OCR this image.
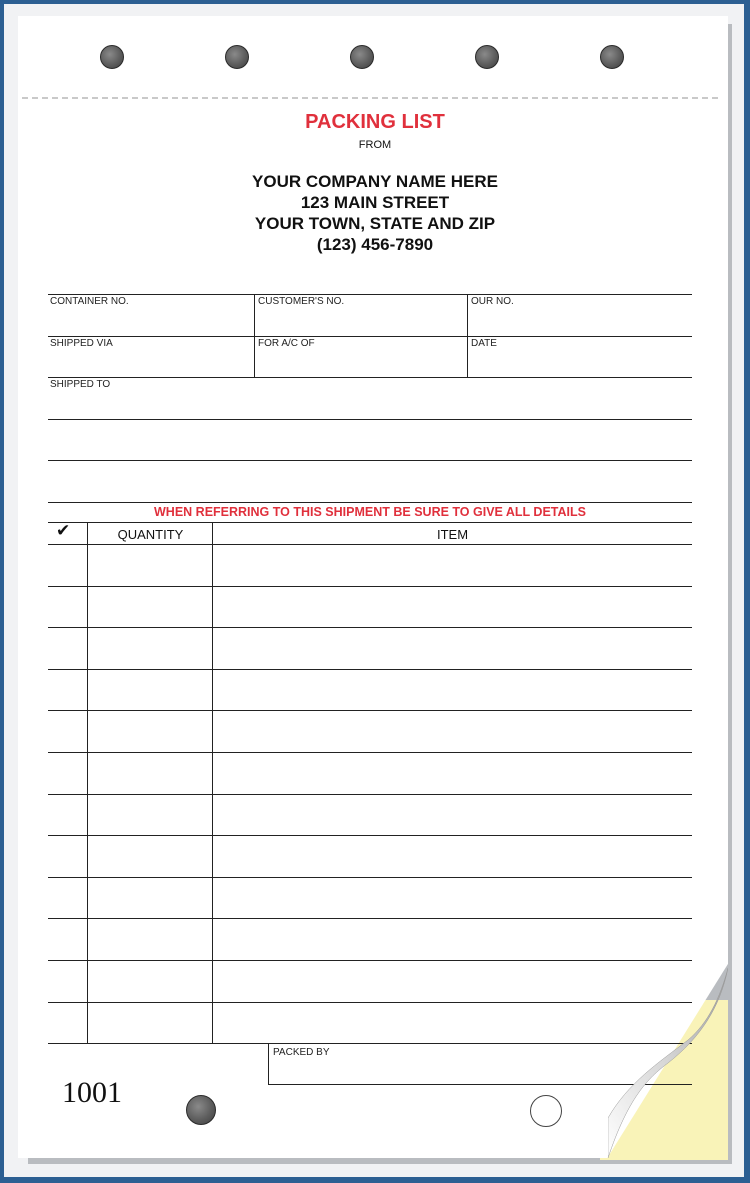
PACKING LIST
FROM
YOUR COMPANY NAME HERE
123 MAIN STREET
YOUR TOWN, STATE AND ZIP
(123) 456-7890
CONTAINER NO.	CUSTOMER'S NO.	OUR NO.
SHIPPED VIA	FOR A/C OF	DATE
SHIPPED TO
WHEN REFERRING TO THIS SHIPMENT BE SURE TO GIVE ALL DETAILS
✔	QUANTITY	ITEM
PACKED BY
1001
